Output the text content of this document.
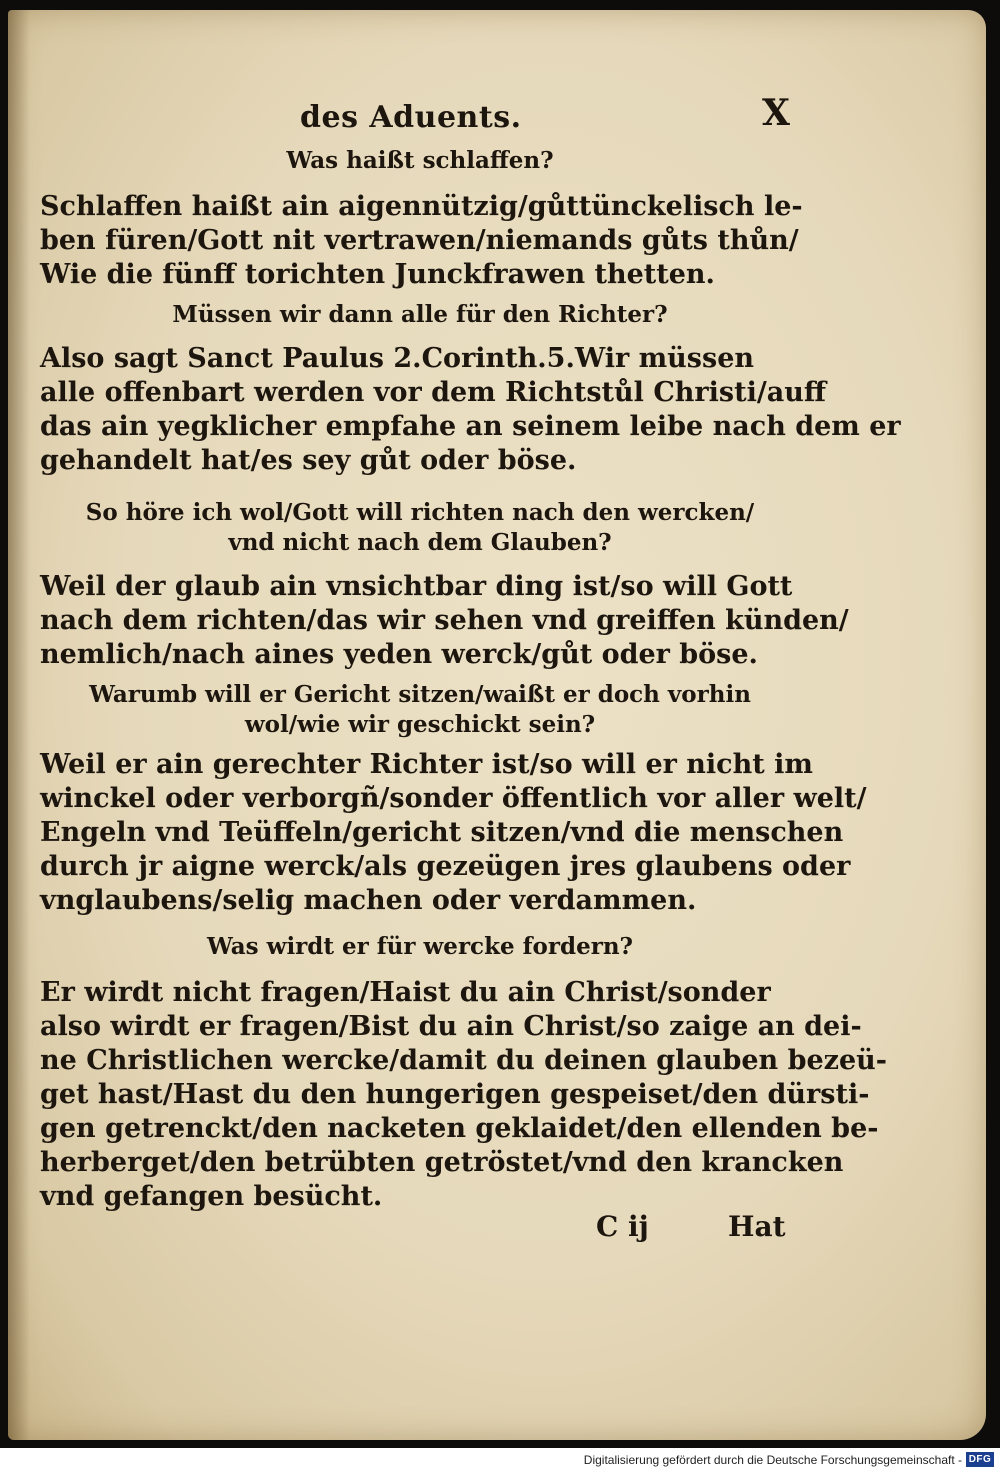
des Aduents.	X
Was haißt schlaffen?
Schlaffen haißt ain aigennützig/gůttünckelisch le-
ben füren/Gott nit vertrawen/niemands gůts thůn/
Wie die fünff torichten Junckfrawen thetten.
Müssen wir dann alle für den Richter?
Also sagt Sanct Paulus 2.Corinth.5.Wir müssen
alle offenbart werden vor dem Richtstůl Christi/auff
das ain yegklicher empfahe an seinem leibe nach dem er
gehandelt hat/es sey gůt oder böse.
So höre ich wol/Gott will richten nach den wercken/
vnd nicht nach dem Glauben?
Weil der glaub ain vnsichtbar ding ist/so will Gott
nach dem richten/das wir sehen vnd greiffen künden/
nemlich/nach aines yeden werck/gůt oder böse.
Warumb will er Gericht sitzen/waißt er doch vorhin
wol/wie wir geschickt sein?
Weil er ain gerechter Richter ist/so will er nicht im
winckel oder verborgñ/sonder öffentlich vor aller welt/
Engeln vnd Teüffeln/gericht sitzen/vnd die menschen
durch jr aigne werck/als gezeügen jres glaubens oder
vnglaubens/selig machen oder verdammen.
Was wirdt er für wercke fordern?
Er wirdt nicht fragen/Haist du ain Christ/sonder
also wirdt er fragen/Bist du ain Christ/so zaige an dei-
ne Christlichen wercke/damit du deinen glauben bezeü-
get hast/Hast du den hungerigen gespeiset/den dürsti-
gen getrenckt/den nacketen geklaidet/den ellenden be-
herberget/den betrübten getröstet/vnd den krancken
vnd gefangen besücht.
C ij	Hat
Digitalisierung gefördert durch die Deutsche Forschungsgemeinschaft - DFG
